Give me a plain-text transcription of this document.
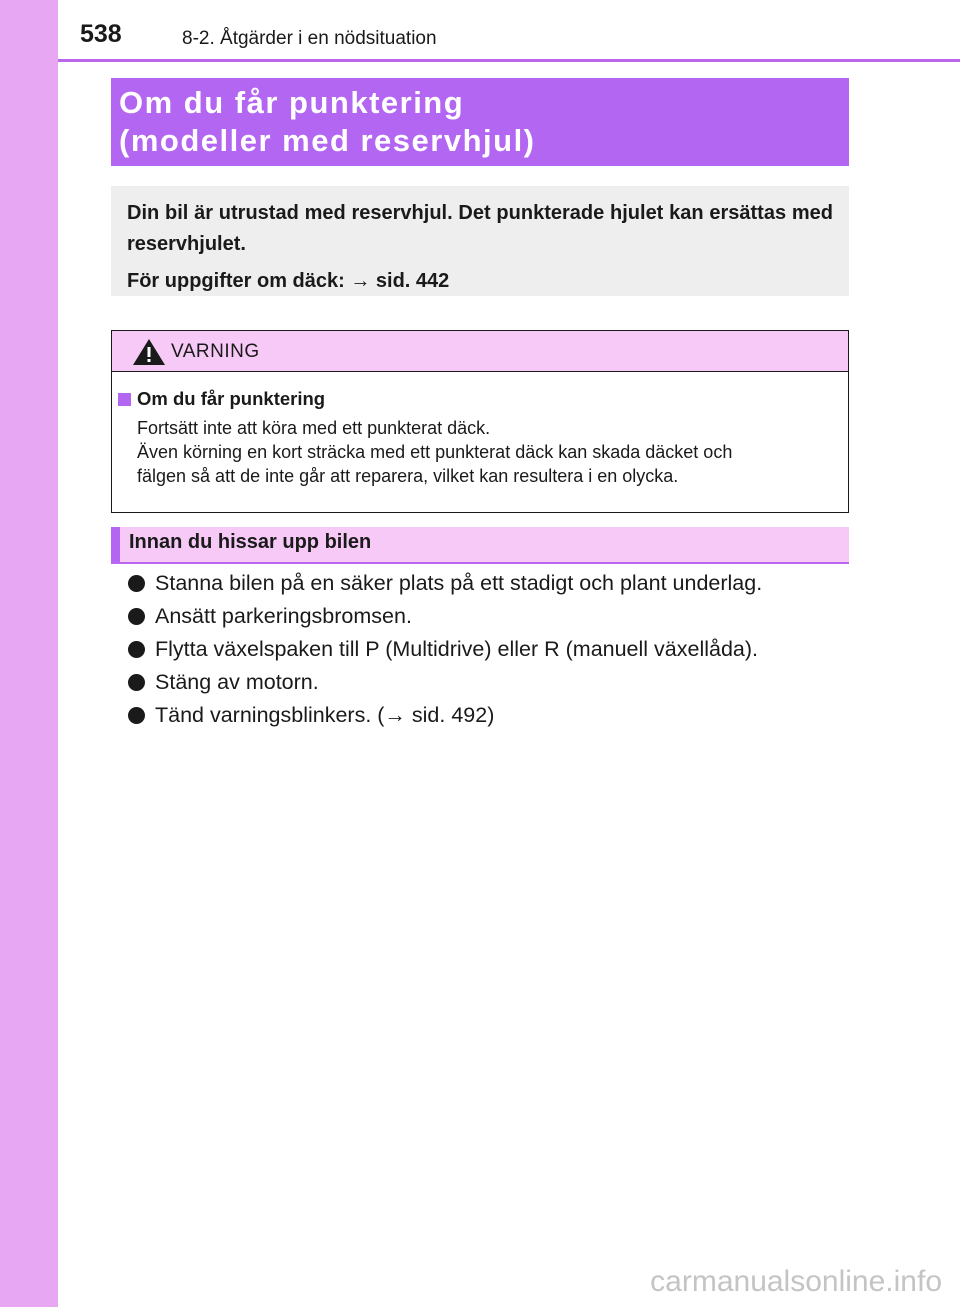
538	8-2. Åtgärder i en nödsituation
Om du får punktering
(modeller med reservhjul)

Din bil är utrustad med reservhjul. Det punkterade hjulet kan ersättas med reservhjulet.

För uppgifter om däck: → sid. 442

VARNING
Om du får punktering
Fortsätt inte att köra med ett punkterat däck.
Även körning en kort sträcka med ett punkterat däck kan skada däcket och
fälgen så att de inte går att reparera, vilket kan resultera i en olycka.
Innan du hissar upp bilen
Stanna bilen på en säker plats på ett stadigt och plant underlag.
Ansätt parkeringsbromsen.
Flytta växelspaken till P (Multidrive) eller R (manuell växellåda).
Stäng av motorn.
Tänd varningsblinkers. (→ sid. 492)
carmanualsonline.info
